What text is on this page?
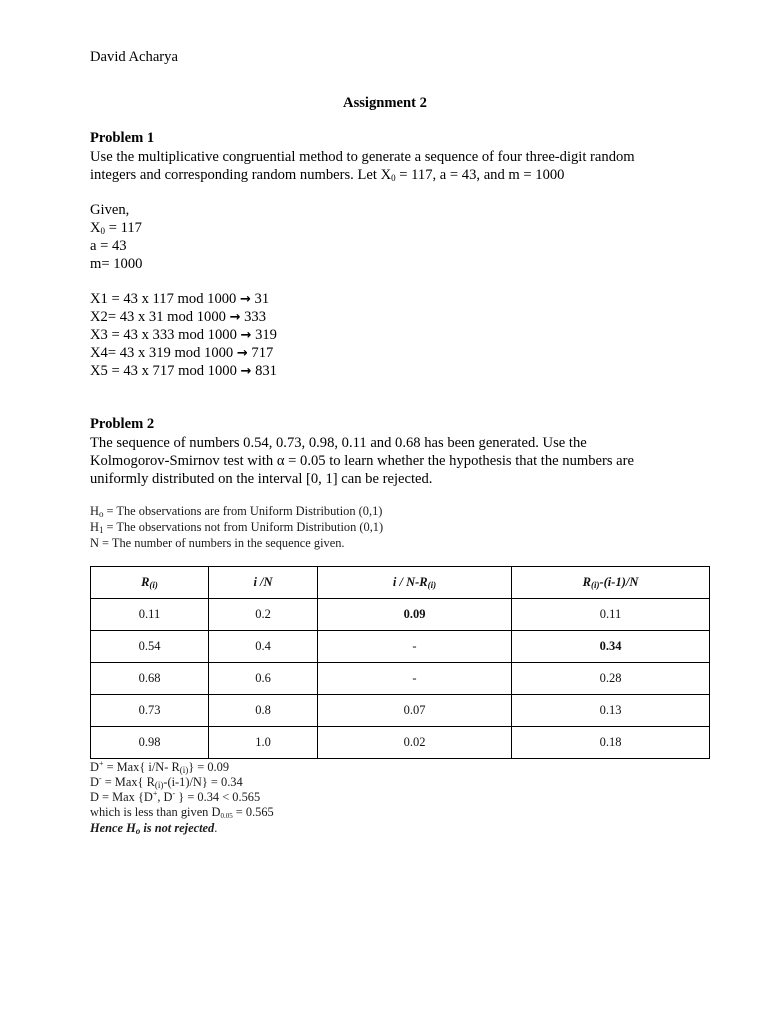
David Acharya
Assignment 2
Problem 1
Use the multiplicative congruential method to generate a sequence of four three-digit random
integers and corresponding random numbers. Let $X_0 = 117$, a = 43, and m = 1000
Given,
$X_0 = 117$
a = 43
m= 1000
X1 = 43 x 117 mod 1000 → 31
X2= 43 x 31 mod 1000 → 333
X3 = 43 x 333 mod 1000 → 319
X4= 43 x 319 mod 1000 → 717
X5 = 43 x 717 mod 1000 → 831
Problem 2
The sequence of numbers 0.54, 0.73, 0.98, 0.11 and 0.68 has been generated. Use the
Kolmogorov-Smirnov test with α = 0.05 to learn whether the hypothesis that the numbers are
uniformly distributed on the interval [0, 1] can be rejected.
$H_o$ = The observations are from Uniform Distribution (0,1)
$H_1$ = The observations not from Uniform Distribution (0,1)
N = The number of numbers in the sequence given.
$R_{(i)}$	i /N	i / $N-R_{(i)}$	$R_{(i)}-(i-1)/N$
0.11	0.2	0.09	0.11
0.54	0.4	-	0.34
0.68	0.6	-	0.28
0.73	0.8	0.07	0.13
0.98	1.0	0.02	0.18
D+ = Max{ i/N- $R_{(i)}\} = 0.09$
D- = Max{ $R_{(i)}-(i-1)/N\} = 0.34$
D = Max {D+, D- } = 0.34 < 0.565
which is less than given $D_{0.05} = 0.565$
Hence $H_o$ is not rejected.
